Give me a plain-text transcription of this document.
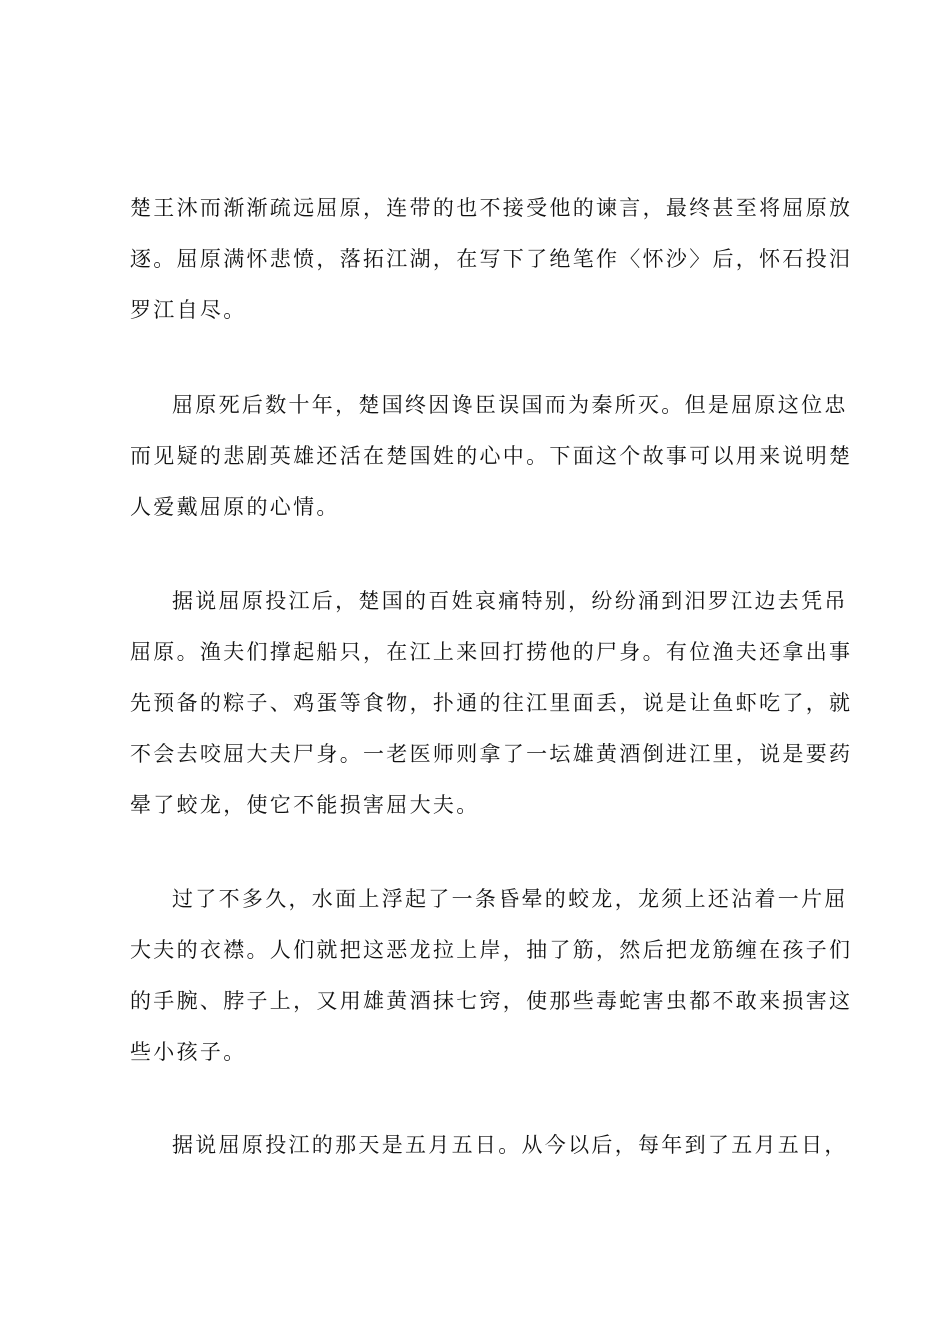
楚王沐而渐渐疏远屈原，连带的也不接受他的谏言，最终甚至将屈原放
逐。屈原满怀悲愤，落拓江湖，在写下了绝笔作〈怀沙〉后，怀石投汨
罗江自尽。

屈原死后数十年，楚国终因谗臣误国而为秦所灭。但是屈原这位忠
而见疑的悲剧英雄还活在楚国姓的心中。下面这个故事可以用来说明楚
人爱戴屈原的心情。

据说屈原投江后，楚国的百姓哀痛特别，纷纷涌到汨罗江边去凭吊
屈原。渔夫们撑起船只，在江上来回打捞他的尸身。有位渔夫还拿出事
先预备的粽子、鸡蛋等食物，扑通的往江里面丢，说是让鱼虾吃了，就
不会去咬屈大夫尸身。一老医师则拿了一坛雄黄酒倒进江里，说是要药
晕了蛟龙，使它不能损害屈大夫。

过了不多久，水面上浮起了一条昏晕的蛟龙，龙须上还沾着一片屈
大夫的衣襟。人们就把这恶龙拉上岸，抽了筋，然后把龙筋缠在孩子们
的手腕、脖子上，又用雄黄酒抹七窍，使那些毒蛇害虫都不敢来损害这
些小孩子。

据说屈原投江的那天是五月五日。从今以后，每年到了五月五日，
